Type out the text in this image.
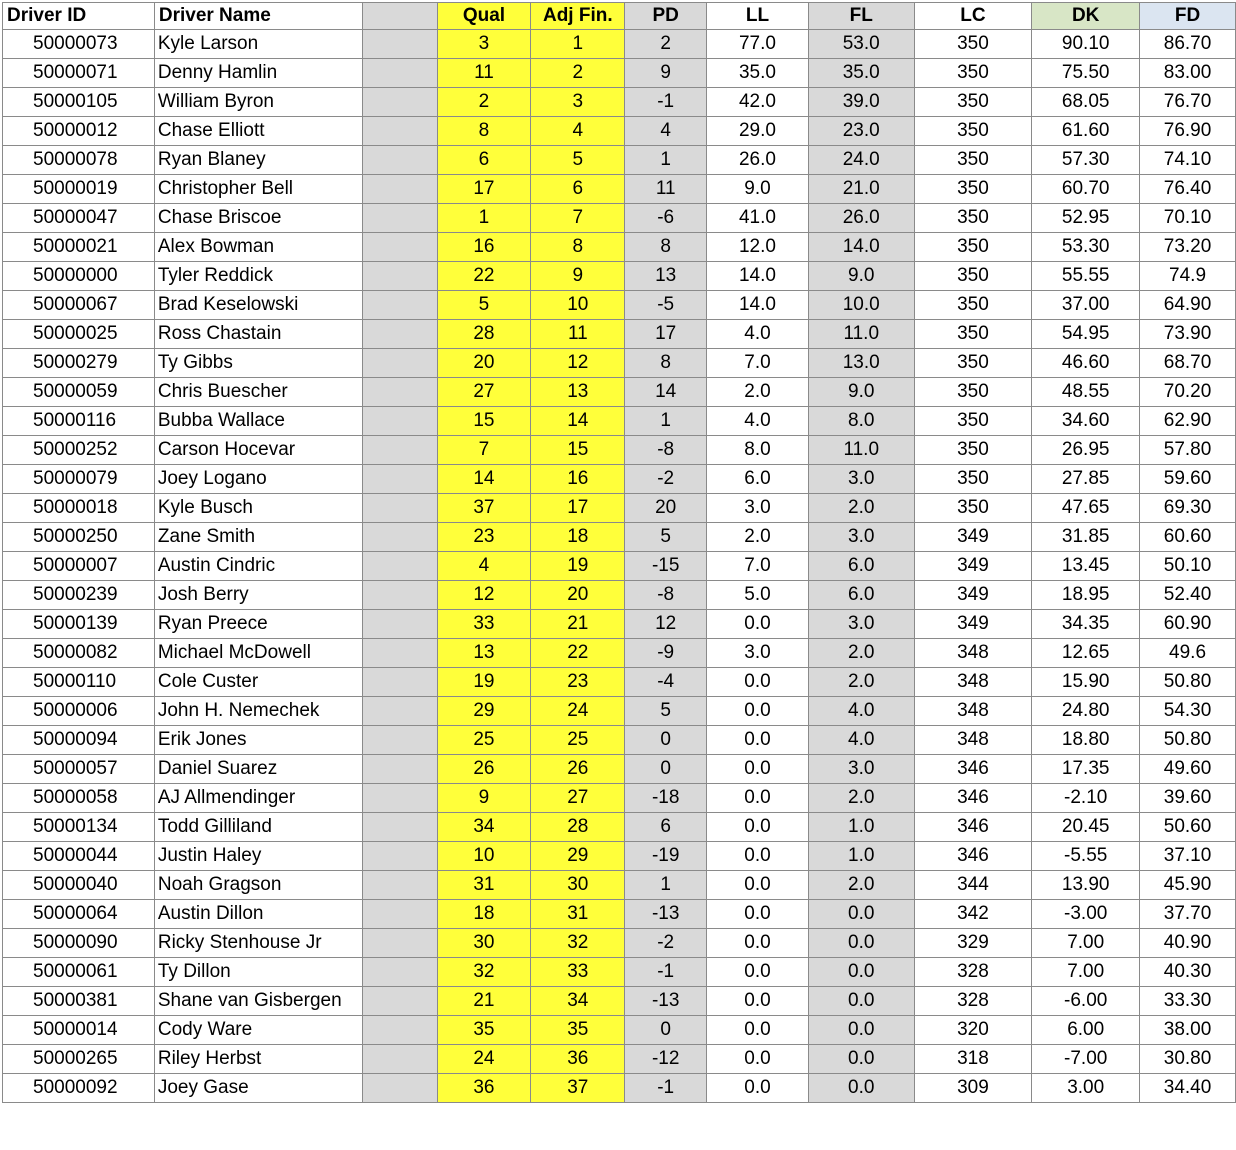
Driver ID	Driver Name		Qual	Adj Fin.	PD	LL	FL	LC	DK	FD
50000073	Kyle Larson		3	1	2	77.0	53.0	350	90.10	86.70
50000071	Denny Hamlin		11	2	9	35.0	35.0	350	75.50	83.00
50000105	William Byron		2	3	-1	42.0	39.0	350	68.05	76.70
50000012	Chase Elliott		8	4	4	29.0	23.0	350	61.60	76.90
50000078	Ryan Blaney		6	5	1	26.0	24.0	350	57.30	74.10
50000019	Christopher Bell		17	6	11	9.0	21.0	350	60.70	76.40
50000047	Chase Briscoe		1	7	-6	41.0	26.0	350	52.95	70.10
50000021	Alex Bowman		16	8	8	12.0	14.0	350	53.30	73.20
50000000	Tyler Reddick		22	9	13	14.0	9.0	350	55.55	74.9
50000067	Brad Keselowski		5	10	-5	14.0	10.0	350	37.00	64.90
50000025	Ross Chastain		28	11	17	4.0	11.0	350	54.95	73.90
50000279	Ty Gibbs		20	12	8	7.0	13.0	350	46.60	68.70
50000059	Chris Buescher		27	13	14	2.0	9.0	350	48.55	70.20
50000116	Bubba Wallace		15	14	1	4.0	8.0	350	34.60	62.90
50000252	Carson Hocevar		7	15	-8	8.0	11.0	350	26.95	57.80
50000079	Joey Logano		14	16	-2	6.0	3.0	350	27.85	59.60
50000018	Kyle Busch		37	17	20	3.0	2.0	350	47.65	69.30
50000250	Zane Smith		23	18	5	2.0	3.0	349	31.85	60.60
50000007	Austin Cindric		4	19	-15	7.0	6.0	349	13.45	50.10
50000239	Josh Berry		12	20	-8	5.0	6.0	349	18.95	52.40
50000139	Ryan Preece		33	21	12	0.0	3.0	349	34.35	60.90
50000082	Michael McDowell		13	22	-9	3.0	2.0	348	12.65	49.6
50000110	Cole Custer		19	23	-4	0.0	2.0	348	15.90	50.80
50000006	John H. Nemechek		29	24	5	0.0	4.0	348	24.80	54.30
50000094	Erik Jones		25	25	0	0.0	4.0	348	18.80	50.80
50000057	Daniel Suarez		26	26	0	0.0	3.0	346	17.35	49.60
50000058	AJ Allmendinger		9	27	-18	0.0	2.0	346	-2.10	39.60
50000134	Todd Gilliland		34	28	6	0.0	1.0	346	20.45	50.60
50000044	Justin Haley		10	29	-19	0.0	1.0	346	-5.55	37.10
50000040	Noah Gragson		31	30	1	0.0	2.0	344	13.90	45.90
50000064	Austin Dillon		18	31	-13	0.0	0.0	342	-3.00	37.70
50000090	Ricky Stenhouse Jr		30	32	-2	0.0	0.0	329	7.00	40.90
50000061	Ty Dillon		32	33	-1	0.0	0.0	328	7.00	40.30
50000381	Shane van Gisbergen		21	34	-13	0.0	0.0	328	-6.00	33.30
50000014	Cody Ware		35	35	0	0.0	0.0	320	6.00	38.00
50000265	Riley Herbst		24	36	-12	0.0	0.0	318	-7.00	30.80
50000092	Joey Gase		36	37	-1	0.0	0.0	309	3.00	34.40
